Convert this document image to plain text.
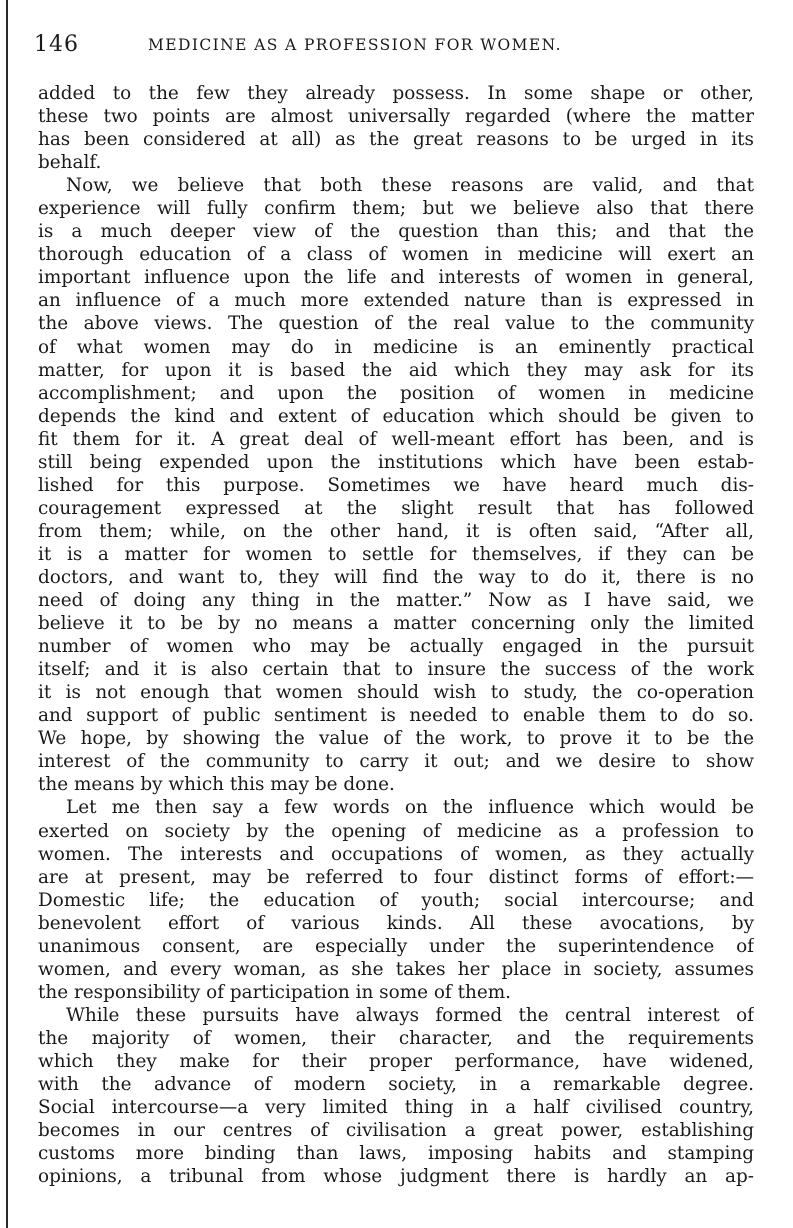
146	MEDICINE AS A PROFESSION FOR WOMEN.
added to the few they already possess. In some shape or other,
these two points are almost universally regarded (where the matter
has been considered at all) as the great reasons to be urged in its
behalf.
Now, we believe that both these reasons are valid, and that
experience will fully confirm them; but we believe also that there
is a much deeper view of the question than this; and that the
thorough education of a class of women in medicine will exert an
important influence upon the life and interests of women in general,
an influence of a much more extended nature than is expressed in
the above views. The question of the real value to the community
of what women may do in medicine is an eminently practical
matter, for upon it is based the aid which they may ask for its
accomplishment; and upon the position of women in medicine
depends the kind and extent of education which should be given to
fit them for it. A great deal of well-meant effort has been, and is
still being expended upon the institutions which have been estab-
lished for this purpose. Sometimes we have heard much dis-
couragement expressed at the slight result that has followed
from them; while, on the other hand, it is often said, “After all,
it is a matter for women to settle for themselves, if they can be
doctors, and want to, they will find the way to do it, there is no
need of doing any thing in the matter.” Now as I have said, we
believe it to be by no means a matter concerning only the limited
number of women who may be actually engaged in the pursuit
itself; and it is also certain that to insure the success of the work
it is not enough that women should wish to study, the co-operation
and support of public sentiment is needed to enable them to do so.
We hope, by showing the value of the work, to prove it to be the
interest of the community to carry it out; and we desire to show
the means by which this may be done.
Let me then say a few words on the influence which would be
exerted on society by the opening of medicine as a profession to
women. The interests and occupations of women, as they actually
are at present, may be referred to four distinct forms of effort:—
Domestic life; the education of youth; social intercourse; and
benevolent effort of various kinds. All these avocations, by
unanimous consent, are especially under the superintendence of
women, and every woman, as she takes her place in society, assumes
the responsibility of participation in some of them.
While these pursuits have always formed the central interest of
the majority of women, their character, and the requirements
which they make for their proper performance, have widened,
with the advance of modern society, in a remarkable degree.
Social intercourse—a very limited thing in a half civilised country,
becomes in our centres of civilisation a great power, establishing
customs more binding than laws, imposing habits and stamping
opinions, a tribunal from whose judgment there is hardly an ap-
